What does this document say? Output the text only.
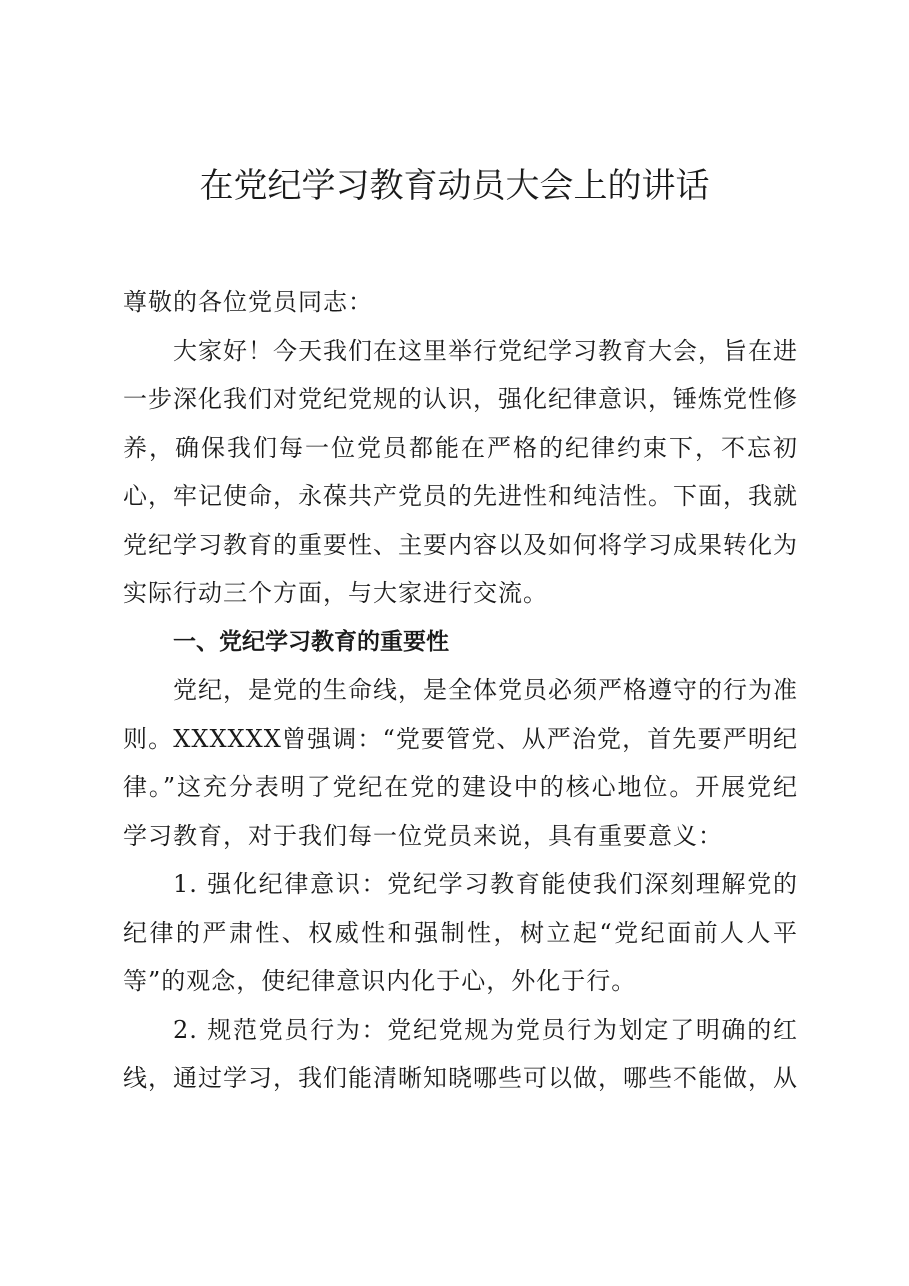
在党纪学习教育动员大会上的讲话

尊敬的各位党员同志：

大家好！今天我们在这里举行党纪学习教育大会，旨在进一步深化我们对党纪党规的认识，强化纪律意识，锤炼党性修养，确保我们每一位党员都能在严格的纪律约束下，不忘初心，牢记使命，永葆共产党员的先进性和纯洁性。下面，我就党纪学习教育的重要性、主要内容以及如何将学习成果转化为实际行动三个方面，与大家进行交流。

一、党纪学习教育的重要性

党纪，是党的生命线，是全体党员必须严格遵守的行为准则。XXXXXX曾强调：“党要管党、从严治党，首先要严明纪律。”这充分表明了党纪在党的建设中的核心地位。开展党纪学习教育，对于我们每一位党员来说，具有重要意义：

1. 强化纪律意识：党纪学习教育能使我们深刻理解党的纪律的严肃性、权威性和强制性，树立起“党纪面前人人平等”的观念，使纪律意识内化于心，外化于行。

2. 规范党员行为：党纪党规为党员行为划定了明确的红线，通过学习，我们能清晰知晓哪些可以做，哪些不能做，从
